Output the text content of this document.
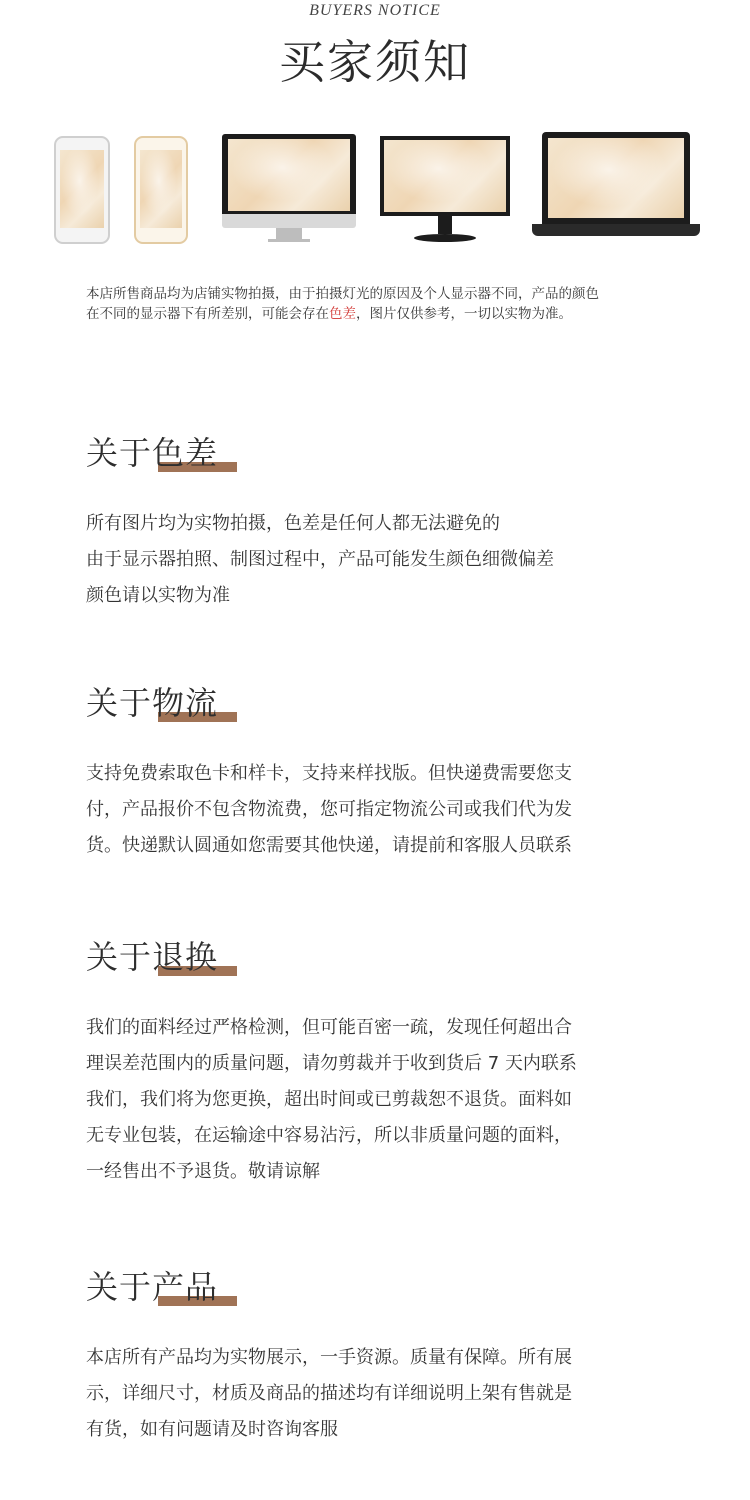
BUYERS NOTICE
买家须知
本店所售商品均为店铺实物拍摄，由于拍摄灯光的原因及个人显示器不同，产品的颜色
在不同的显示器下有所差别，可能会存在色差，图片仅供参考，一切以实物为准。
关于色差
所有图片均为实物拍摄，色差是任何人都无法避免的
由于显示器拍照、制图过程中，产品可能发生颜色细微偏差
颜色请以实物为准
关于物流
支持免费索取色卡和样卡，支持来样找版。但快递费需要您支
付，产品报价不包含物流费，您可指定物流公司或我们代为发
货。快递默认圆通如您需要其他快递，请提前和客服人员联系
关于退换
我们的面料经过严格检测，但可能百密一疏，发现任何超出合
理误差范围内的质量问题，请勿剪裁并于收到货后 7 天内联系
我们，我们将为您更换，超出时间或已剪裁恕不退货。面料如
无专业包装，在运输途中容易沾污，所以非质量问题的面料，
一经售出不予退货。敬请谅解
关于产品
本店所有产品均为实物展示，一手资源。质量有保障。所有展
示，详细尺寸，材质及商品的描述均有详细说明上架有售就是
有货，如有问题请及时咨询客服
